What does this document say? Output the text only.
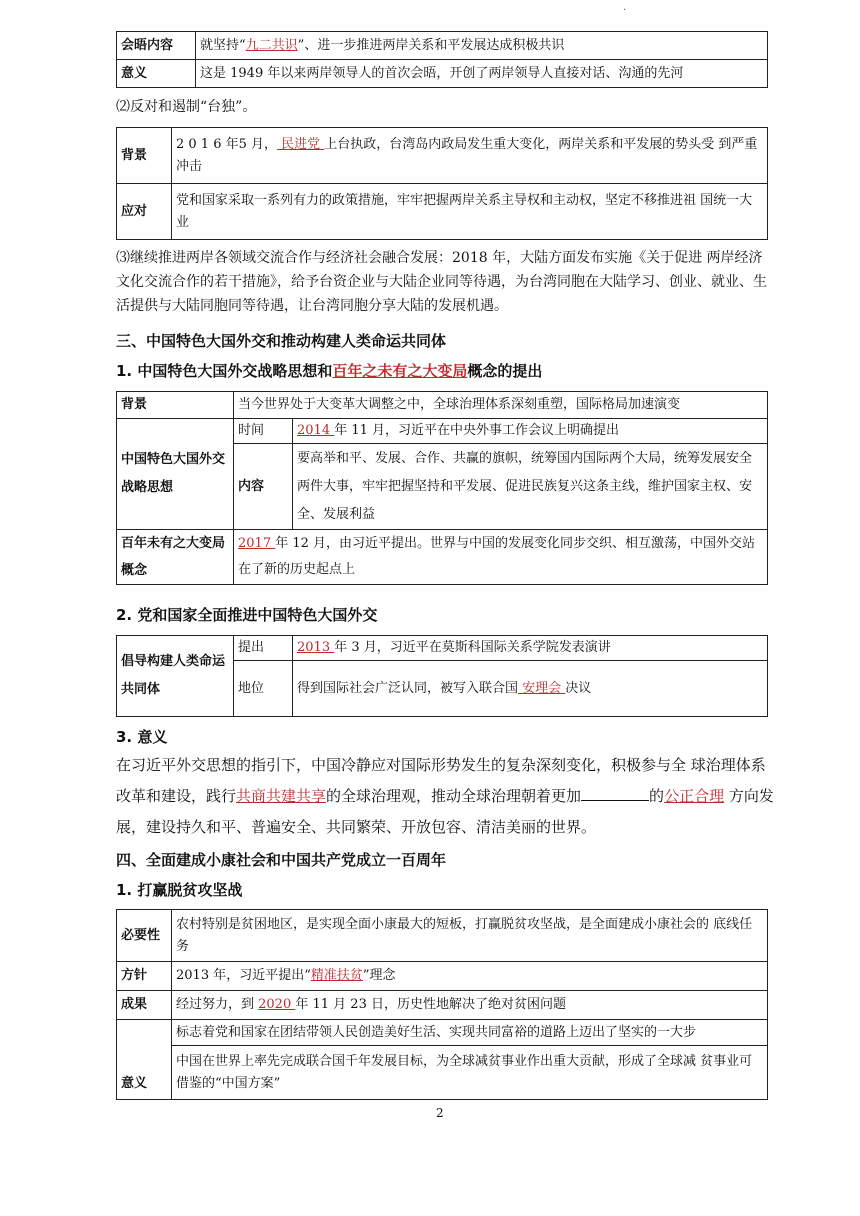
.
会晤内容	就坚持“九二共识”、进一步推进两岸关系和平发展达成积极共识
意义	这是 1949 年以来两岸领导人的首次会晤，开创了两岸领导人直接对话、沟通的先河
⑵反对和遏制“台独”。
背景	2 0 1 6 年5 月， 民进党 上台执政，台湾岛内政局发生重大变化，两岸关系和平发展的势头受 到严重冲击
应对	党和国家采取一系列有力的政策措施，牢牢把握两岸关系主导权和主动权，坚定不移推进祖 国统一大业
⑶继续推进两岸各领域交流合作与经济社会融合发展：2018 年，大陆方面发布实施《关于促进 两岸经济文化交流合作的若干措施》，给予台资企业与大陆企业同等待遇，为台湾同胞在大陆学习、创业、就业、生活提供与大陆同胞同等待遇，让台湾同胞分享大陆的发展机遇。
三、中国特色大国外交和推动构建人类命运共同体
1. 中国特色大国外交战略思想和百年之未有之大变局概念的提出
背景	当今世界处于大变革大调整之中，全球治理体系深刻重塑，国际格局加速演变	
中国特色大国外交战略思想	时间	2014 年 11 月，习近平在中央外事工作会议上明确提出
	内容	要高举和平、发展、合作、共赢的旗帜，统筹国内国际两个大局，统筹发展安全两件大事，牢牢把握坚持和平发展、促进民族复兴这条主线，维护国家主权、安全、发展利益
百年未有之大变局概念	2017 年 12 月，由习近平提出。世界与中国的发展变化同步交织、相互激荡，中国外交站在了新的历史起点上	
2. 党和国家全面推进中国特色大国外交
倡导构建人类命运共同体	提出	2013 年 3 月，习近平在莫斯科国际关系学院发表演讲
	地位	得到国际社会广泛认同，被写入联合国 安理会 决议
3. 意义
在习近平外交思想的指引下，中国冷静应对国际形势发生的复杂深刻变化，积极参与全 球治理体系改革和建设，践行共商共建共享的全球治理观，推动全球治理朝着更加	的公正合理 方向发展，建设持久和平、普遍安全、共同繁荣、开放包容、清洁美丽的世界。
四、全面建成小康社会和中国共产党成立一百周年
1. 打赢脱贫攻坚战
必要性	农村特别是贫困地区，是实现全面小康最大的短板，打赢脱贫攻坚战，是全面建成小康社会的 底线任务
方针	2013 年，习近平提出“精准扶贫”理念
成果	经过努力，到 2020 年 11 月 23 日，历史性地解决了绝对贫困问题
意义	标志着党和国家在团结带领人民创造美好生活、实现共同富裕的道路上迈出了坚实的一大步
	中国在世界上率先完成联合国千年发展目标，为全球减贫事业作出重大贡献，形成了全球减 贫事业可借鉴的“中国方案”
2
